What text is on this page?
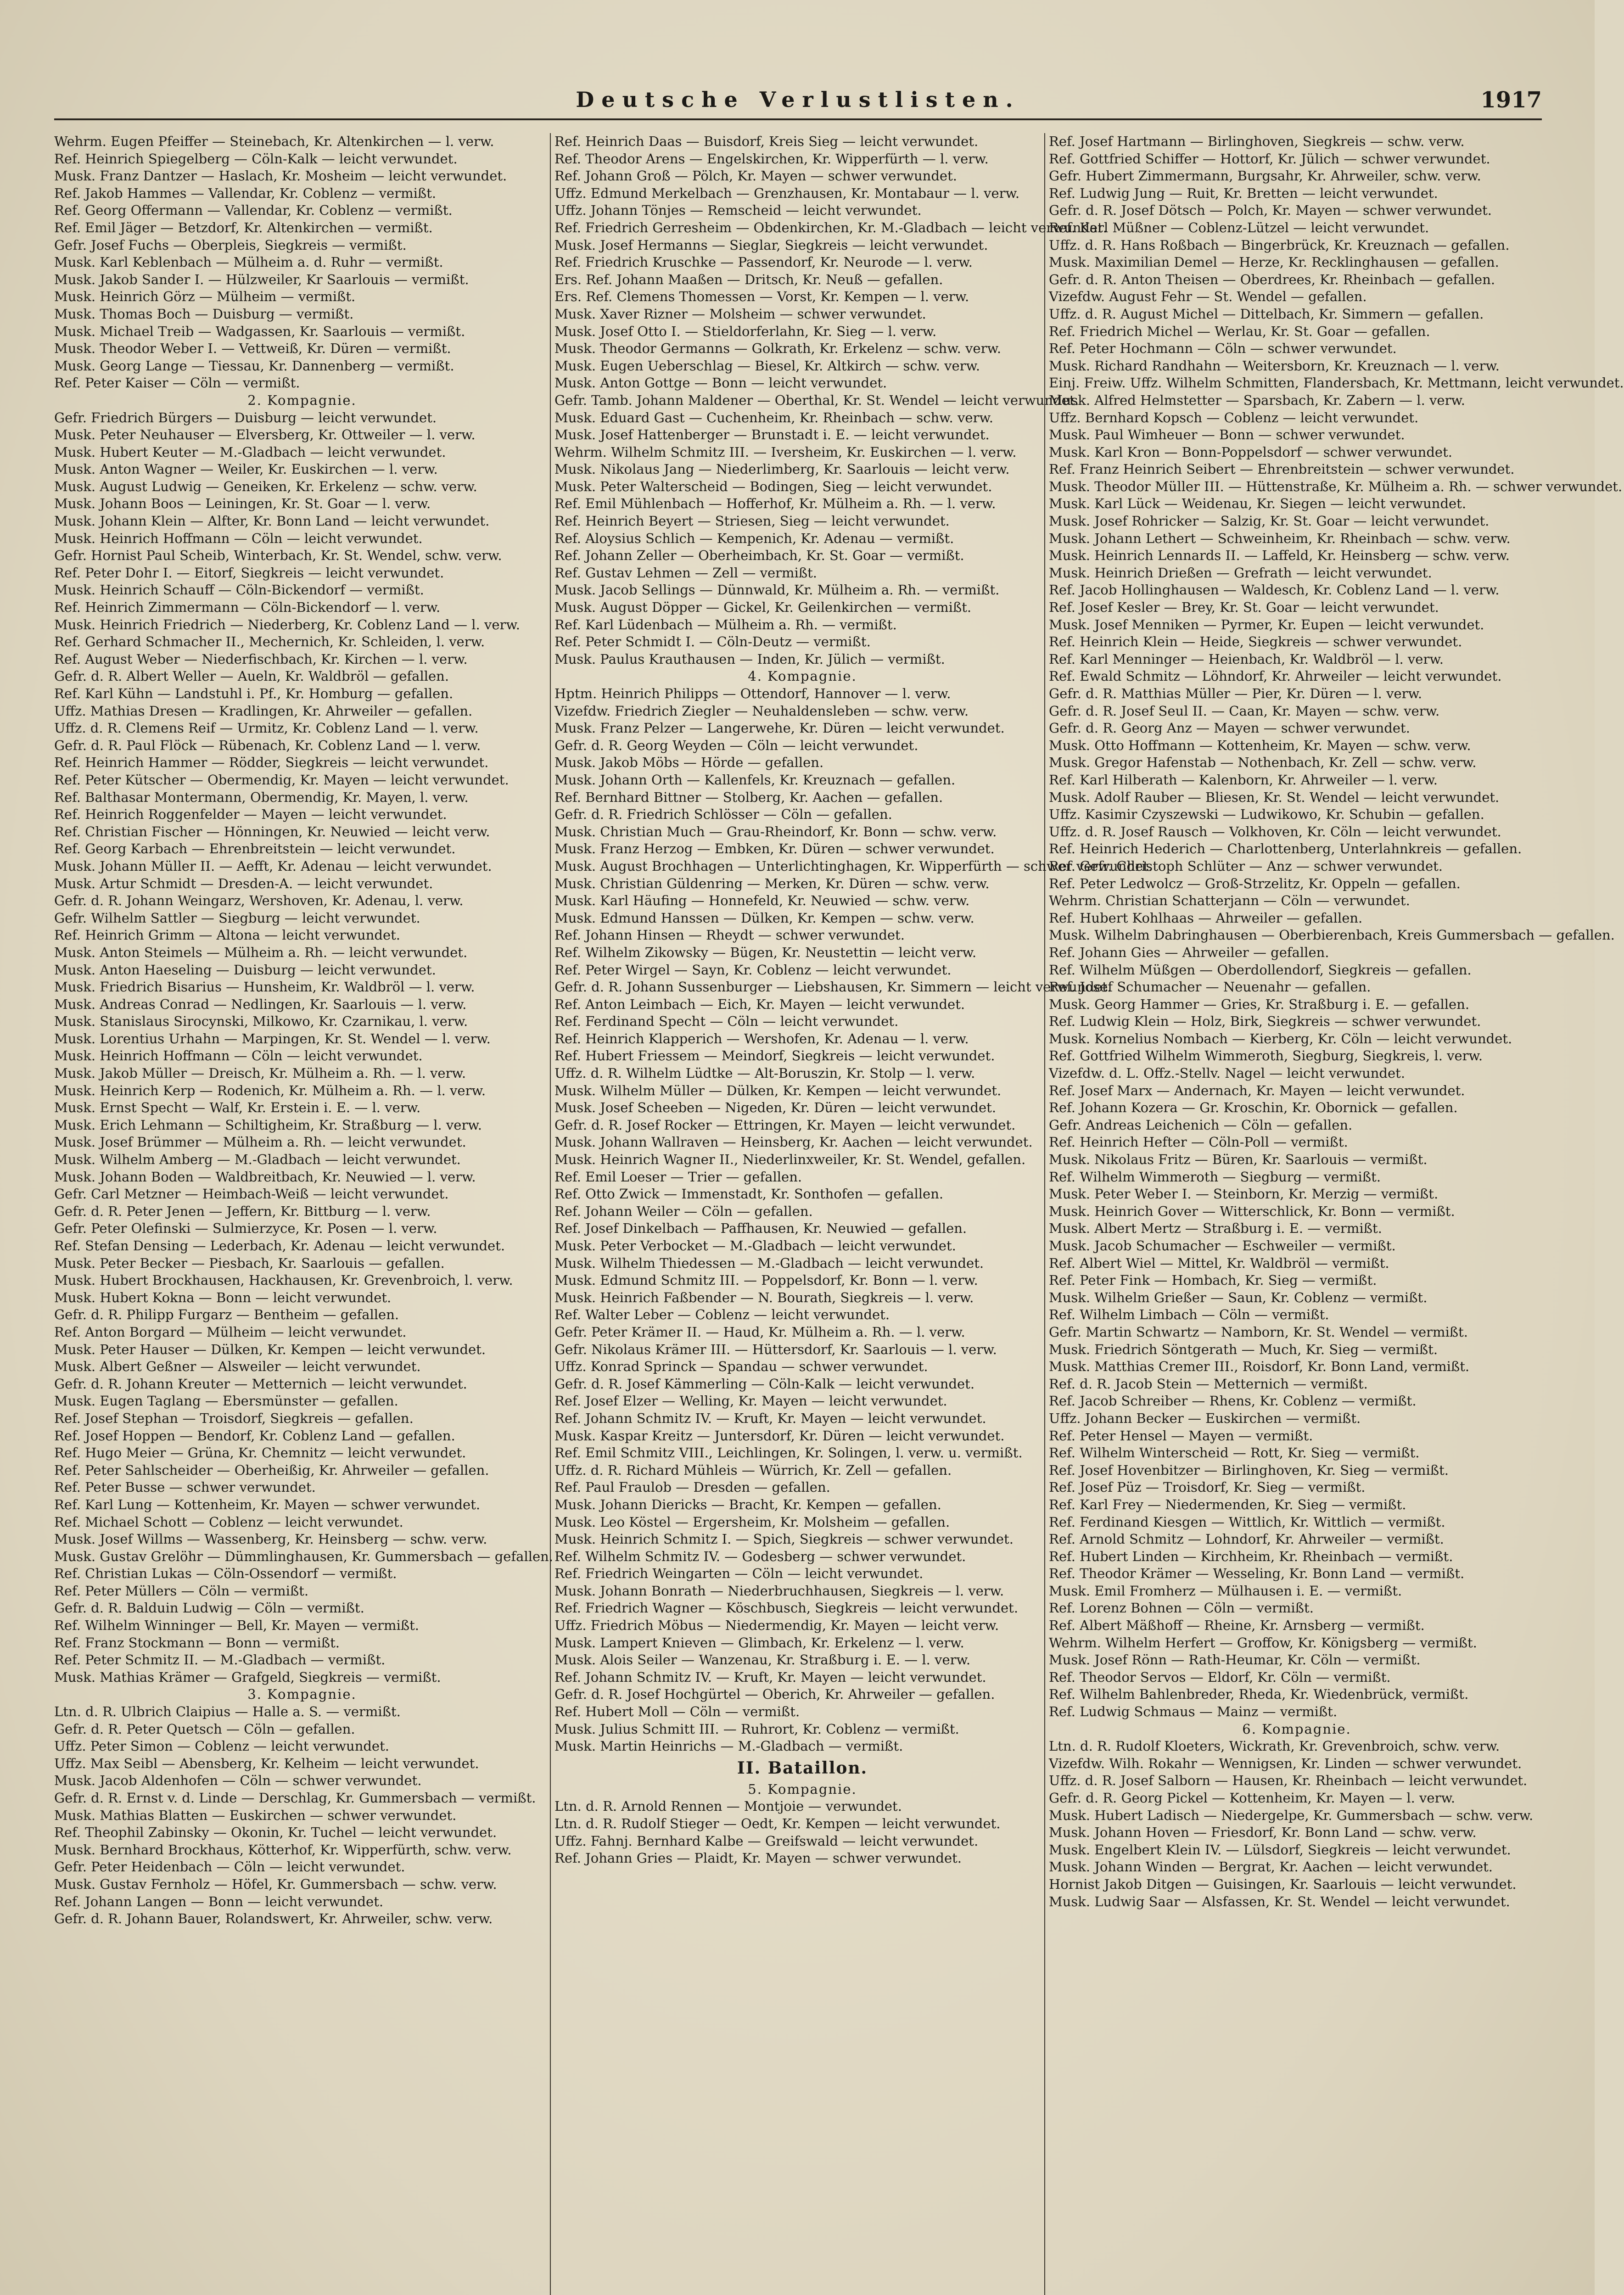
Deutsche Verlustlisten.	1917
Wehrm. Eugen Pfeiffer — Steinebach, Kr. Altenkirchen — l. verw.
Ref. Heinrich Spiegelberg — Cöln-Kalk — leicht verwundet.
Musk. Franz Dantzer — Haslach, Kr. Mosheim — leicht verwundet.
Ref. Jakob Hammes — Vallendar, Kr. Coblenz — vermißt.
Ref. Georg Offermann — Vallendar, Kr. Coblenz — vermißt.
Ref. Emil Jäger — Betzdorf, Kr. Altenkirchen — vermißt.
Gefr. Josef Fuchs — Oberpleis, Siegkreis — vermißt.
Musk. Karl Keblenbach — Mülheim a. d. Ruhr — vermißt.
Musk. Jakob Sander I. — Hülzweiler, Kr Saarlouis — vermißt.
Musk. Heinrich Görz — Mülheim — vermißt.
Musk. Thomas Boch — Duisburg — vermißt.
Musk. Michael Treib — Wadgassen, Kr. Saarlouis — vermißt.
Musk. Theodor Weber I. — Vettweiß, Kr. Düren — vermißt.
Musk. Georg Lange — Tiessau, Kr. Dannenberg — vermißt.
Ref. Peter Kaiser — Cöln — vermißt.
2. Kompagnie.
Gefr. Friedrich Bürgers — Duisburg — leicht verwundet.
Musk. Peter Neuhauser — Elversberg, Kr. Ottweiler — l. verw.
Musk. Hubert Keuter — M.-Gladbach — leicht verwundet.
Musk. Anton Wagner — Weiler, Kr. Euskirchen — l. verw.
Musk. August Ludwig — Geneiken, Kr. Erkelenz — schw. verw.
Musk. Johann Boos — Leiningen, Kr. St. Goar — l. verw.
Musk. Johann Klein — Alfter, Kr. Bonn Land — leicht verwundet.
Musk. Heinrich Hoffmann — Cöln — leicht verwundet.
Gefr. Hornist Paul Scheib, Winterbach, Kr. St. Wendel, schw. verw.
Ref. Peter Dohr I. — Eitorf, Siegkreis — leicht verwundet.
Musk. Heinrich Schauff — Cöln-Bickendorf — vermißt.
Ref. Heinrich Zimmermann — Cöln-Bickendorf — l. verw.
Musk. Heinrich Friedrich — Niederberg, Kr. Coblenz Land — l. verw.
Ref. Gerhard Schmacher II., Mechernich, Kr. Schleiden, l. verw.
Ref. August Weber — Niederfischbach, Kr. Kirchen — l. verw.
Gefr. d. R. Albert Weller — Aueln, Kr. Waldbröl — gefallen.
Ref. Karl Kühn — Landstuhl i. Pf., Kr. Homburg — gefallen.
Uffz. Mathias Dresen — Kradlingen, Kr. Ahrweiler — gefallen.
Uffz. d. R. Clemens Reif — Urmitz, Kr. Coblenz Land — l. verw.
Gefr. d. R. Paul Flöck — Rübenach, Kr. Coblenz Land — l. verw.
Ref. Heinrich Hammer — Rödder, Siegkreis — leicht verwundet.
Ref. Peter Kütscher — Obermendig, Kr. Mayen — leicht verwundet.
Ref. Balthasar Montermann, Obermendig, Kr. Mayen, l. verw.
Ref. Heinrich Roggenfelder — Mayen — leicht verwundet.
Ref. Christian Fischer — Hönningen, Kr. Neuwied — leicht verw.
Ref. Georg Karbach — Ehrenbreitstein — leicht verwundet.
Musk. Johann Müller II. — Aefft, Kr. Adenau — leicht verwundet.
Musk. Artur Schmidt — Dresden-A. — leicht verwundet.
Gefr. d. R. Johann Weingarz, Wershoven, Kr. Adenau, l. verw.
Gefr. Wilhelm Sattler — Siegburg — leicht verwundet.
Ref. Heinrich Grimm — Altona — leicht verwundet.
Musk. Anton Steimels — Mülheim a. Rh. — leicht verwundet.
Musk. Anton Haeseling — Duisburg — leicht verwundet.
Musk. Friedrich Bisarius — Hunsheim, Kr. Waldbröl — l. verw.
Musk. Andreas Conrad — Nedlingen, Kr. Saarlouis — l. verw.
Musk. Stanislaus Sirocynski, Milkowo, Kr. Czarnikau, l. verw.
Musk. Lorentius Urhahn — Marpingen, Kr. St. Wendel — l. verw.
Musk. Heinrich Hoffmann — Cöln — leicht verwundet.
Musk. Jakob Müller — Dreisch, Kr. Mülheim a. Rh. — l. verw.
Musk. Heinrich Kerp — Rodenich, Kr. Mülheim a. Rh. — l. verw.
Musk. Ernst Specht — Walf, Kr. Erstein i. E. — l. verw.
Musk. Erich Lehmann — Schiltigheim, Kr. Straßburg — l. verw.
Musk. Josef Brümmer — Mülheim a. Rh. — leicht verwundet.
Musk. Wilhelm Amberg — M.-Gladbach — leicht verwundet.
Musk. Johann Boden — Waldbreitbach, Kr. Neuwied — l. verw.
Gefr. Carl Metzner — Heimbach-Weiß — leicht verwundet.
Gefr. d. R. Peter Jenen — Jeffern, Kr. Bittburg — l. verw.
Gefr. Peter Olefinski — Sulmierzyce, Kr. Posen — l. verw.
Ref. Stefan Densing — Lederbach, Kr. Adenau — leicht verwundet.
Musk. Peter Becker — Piesbach, Kr. Saarlouis — gefallen.
Musk. Hubert Brockhausen, Hackhausen, Kr. Grevenbroich, l. verw.
Musk. Hubert Kokna — Bonn — leicht verwundet.
Gefr. d. R. Philipp Furgarz — Bentheim — gefallen.
Ref. Anton Borgard — Mülheim — leicht verwundet.
Musk. Peter Hauser — Dülken, Kr. Kempen — leicht verwundet.
Musk. Albert Geßner — Alsweiler — leicht verwundet.
Gefr. d. R. Johann Kreuter — Metternich — leicht verwundet.
Musk. Eugen Taglang — Ebersmünster — gefallen.
Ref. Josef Stephan — Troisdorf, Siegkreis — gefallen.
Ref. Josef Hoppen — Bendorf, Kr. Coblenz Land — gefallen.
Ref. Hugo Meier — Grüna, Kr. Chemnitz — leicht verwundet.
Ref. Peter Sahlscheider — Oberheißig, Kr. Ahrweiler — gefallen.
Ref. Peter Busse — schwer verwundet.
Ref. Karl Lung — Kottenheim, Kr. Mayen — schwer verwundet.
Ref. Michael Schott — Coblenz — leicht verwundet.
Musk. Josef Willms — Wassenberg, Kr. Heinsberg — schw. verw.
Musk. Gustav Grelöhr — Dümmlinghausen, Kr. Gummersbach — gefallen.
Ref. Christian Lukas — Cöln-Ossendorf — vermißt.
Ref. Peter Müllers — Cöln — vermißt.
Gefr. d. R. Balduin Ludwig — Cöln — vermißt.
Ref. Wilhelm Winninger — Bell, Kr. Mayen — vermißt.
Ref. Franz Stockmann — Bonn — vermißt.
Ref. Peter Schmitz II. — M.-Gladbach — vermißt.
Musk. Mathias Krämer — Grafgeld, Siegkreis — vermißt.
3. Kompagnie.
Ltn. d. R. Ulbrich Claipius — Halle a. S. — vermißt.
Gefr. d. R. Peter Quetsch — Cöln — gefallen.
Uffz. Peter Simon — Coblenz — leicht verwundet.
Uffz. Max Seibl — Abensberg, Kr. Kelheim — leicht verwundet.
Musk. Jacob Aldenhofen — Cöln — schwer verwundet.
Gefr. d. R. Ernst v. d. Linde — Derschlag, Kr. Gummersbach — vermißt.
Musk. Mathias Blatten — Euskirchen — schwer verwundet.
Ref. Theophil Zabinsky — Okonin, Kr. Tuchel — leicht verwundet.
Musk. Bernhard Brockhaus, Kötterhof, Kr. Wipperfürth, schw. verw.
Gefr. Peter Heidenbach — Cöln — leicht verwundet.
Musk. Gustav Fernholz — Höfel, Kr. Gummersbach — schw. verw.
Ref. Johann Langen — Bonn — leicht verwundet.
Gefr. d. R. Johann Bauer, Rolandswert, Kr. Ahrweiler, schw. verw.
Ref. Heinrich Daas — Buisdorf, Kreis Sieg — leicht verwundet.
Ref. Theodor Arens — Engelskirchen, Kr. Wipperfürth — l. verw.
Ref. Johann Groß — Pölch, Kr. Mayen — schwer verwundet.
Uffz. Edmund Merkelbach — Grenzhausen, Kr. Montabaur — l. verw.
Uffz. Johann Tönjes — Remscheid — leicht verwundet.
Ref. Friedrich Gerresheim — Obdenkirchen, Kr. M.-Gladbach — leicht verwundet.
Musk. Josef Hermanns — Sieglar, Siegkreis — leicht verwundet.
Ref. Friedrich Kruschke — Passendorf, Kr. Neurode — l. verw.
Ers. Ref. Johann Maaßen — Dritsch, Kr. Neuß — gefallen.
Ers. Ref. Clemens Thomessen — Vorst, Kr. Kempen — l. verw.
Musk. Xaver Rizner — Molsheim — schwer verwundet.
Musk. Josef Otto I. — Stieldorferlahn, Kr. Sieg — l. verw.
Musk. Theodor Germanns — Golkrath, Kr. Erkelenz — schw. verw.
Musk. Eugen Ueberschlag — Biesel, Kr. Altkirch — schw. verw.
Musk. Anton Gottge — Bonn — leicht verwundet.
Gefr. Tamb. Johann Maldener — Oberthal, Kr. St. Wendel — leicht verwundet.
Musk. Eduard Gast — Cuchenheim, Kr. Rheinbach — schw. verw.
Musk. Josef Hattenberger — Brunstadt i. E. — leicht verwundet.
Wehrm. Wilhelm Schmitz III. — Iversheim, Kr. Euskirchen — l. verw.
Musk. Nikolaus Jang — Niederlimberg, Kr. Saarlouis — leicht verw.
Musk. Peter Walterscheid — Bodingen, Sieg — leicht verwundet.
Ref. Emil Mühlenbach — Hofferhof, Kr. Mülheim a. Rh. — l. verw.
Ref. Heinrich Beyert — Striesen, Sieg — leicht verwundet.
Ref. Aloysius Schlich — Kempenich, Kr. Adenau — vermißt.
Ref. Johann Zeller — Oberheimbach, Kr. St. Goar — vermißt.
Ref. Gustav Lehmen — Zell — vermißt.
Musk. Jacob Sellings — Dünnwald, Kr. Mülheim a. Rh. — vermißt.
Musk. August Döpper — Gickel, Kr. Geilenkirchen — vermißt.
Ref. Karl Lüdenbach — Mülheim a. Rh. — vermißt.
Ref. Peter Schmidt I. — Cöln-Deutz — vermißt.
Musk. Paulus Krauthausen — Inden, Kr. Jülich — vermißt.
4. Kompagnie.
Hptm. Heinrich Philipps — Ottendorf, Hannover — l. verw.
Vizefdw. Friedrich Ziegler — Neuhaldensleben — schw. verw.
Musk. Franz Pelzer — Langerwehe, Kr. Düren — leicht verwundet.
Gefr. d. R. Georg Weyden — Cöln — leicht verwundet.
Musk. Jakob Möbs — Hörde — gefallen.
Musk. Johann Orth — Kallenfels, Kr. Kreuznach — gefallen.
Ref. Bernhard Bittner — Stolberg, Kr. Aachen — gefallen.
Gefr. d. R. Friedrich Schlösser — Cöln — gefallen.
Musk. Christian Much — Grau-Rheindorf, Kr. Bonn — schw. verw.
Musk. Franz Herzog — Embken, Kr. Düren — schwer verwundet.
Musk. August Brochhagen — Unterlichtinghagen, Kr. Wipperfürth — schwer verwundet.
Musk. Christian Güldenring — Merken, Kr. Düren — schw. verw.
Musk. Karl Häufing — Honnefeld, Kr. Neuwied — schw. verw.
Musk. Edmund Hanssen — Dülken, Kr. Kempen — schw. verw.
Ref. Johann Hinsen — Rheydt — schwer verwundet.
Ref. Wilhelm Zikowsky — Bügen, Kr. Neustettin — leicht verw.
Ref. Peter Wirgel — Sayn, Kr. Coblenz — leicht verwundet.
Gefr. d. R. Johann Sussenburger — Liebshausen, Kr. Simmern — leicht verwundet.
Ref. Anton Leimbach — Eich, Kr. Mayen — leicht verwundet.
Ref. Ferdinand Specht — Cöln — leicht verwundet.
Ref. Heinrich Klapperich — Wershofen, Kr. Adenau — l. verw.
Ref. Hubert Friessem — Meindorf, Siegkreis — leicht verwundet.
Uffz. d. R. Wilhelm Lüdtke — Alt-Boruszin, Kr. Stolp — l. verw.
Musk. Wilhelm Müller — Dülken, Kr. Kempen — leicht verwundet.
Musk. Josef Scheeben — Nigeden, Kr. Düren — leicht verwundet.
Gefr. d. R. Josef Rocker — Ettringen, Kr. Mayen — leicht verwundet.
Musk. Johann Wallraven — Heinsberg, Kr. Aachen — leicht verwundet.
Musk. Heinrich Wagner II., Niederlinxweiler, Kr. St. Wendel, gefallen.
Ref. Emil Loeser — Trier — gefallen.
Ref. Otto Zwick — Immenstadt, Kr. Sonthofen — gefallen.
Ref. Johann Weiler — Cöln — gefallen.
Ref. Josef Dinkelbach — Paffhausen, Kr. Neuwied — gefallen.
Musk. Peter Verbocket — M.-Gladbach — leicht verwundet.
Musk. Wilhelm Thiedessen — M.-Gladbach — leicht verwundet.
Musk. Edmund Schmitz III. — Poppelsdorf, Kr. Bonn — l. verw.
Musk. Heinrich Faßbender — N. Bourath, Siegkreis — l. verw.
Ref. Walter Leber — Coblenz — leicht verwundet.
Gefr. Peter Krämer II. — Haud, Kr. Mülheim a. Rh. — l. verw.
Gefr. Nikolaus Krämer III. — Hüttersdorf, Kr. Saarlouis — l. verw.
Uffz. Konrad Sprinck — Spandau — schwer verwundet.
Gefr. d. R. Josef Kämmerling — Cöln-Kalk — leicht verwundet.
Ref. Josef Elzer — Welling, Kr. Mayen — leicht verwundet.
Ref. Johann Schmitz IV. — Kruft, Kr. Mayen — leicht verwundet.
Musk. Kaspar Kreitz — Juntersdorf, Kr. Düren — leicht verwundet.
Ref. Emil Schmitz VIII., Leichlingen, Kr. Solingen, l. verw. u. vermißt.
Uffz. d. R. Richard Mühleis — Würrich, Kr. Zell — gefallen.
Ref. Paul Fraulob — Dresden — gefallen.
Musk. Johann Diericks — Bracht, Kr. Kempen — gefallen.
Musk. Leo Köstel — Ergersheim, Kr. Molsheim — gefallen.
Musk. Heinrich Schmitz I. — Spich, Siegkreis — schwer verwundet.
Ref. Wilhelm Schmitz IV. — Godesberg — schwer verwundet.
Ref. Friedrich Weingarten — Cöln — leicht verwundet.
Musk. Johann Bonrath — Niederbruchhausen, Siegkreis — l. verw.
Ref. Friedrich Wagner — Köschbusch, Siegkreis — leicht verwundet.
Uffz. Friedrich Möbus — Niedermendig, Kr. Mayen — leicht verw.
Musk. Lampert Knieven — Glimbach, Kr. Erkelenz — l. verw.
Musk. Alois Seiler — Wanzenau, Kr. Straßburg i. E. — l. verw.
Ref. Johann Schmitz IV. — Kruft, Kr. Mayen — leicht verwundet.
Gefr. d. R. Josef Hochgürtel — Oberich, Kr. Ahrweiler — gefallen.
Ref. Hubert Moll — Cöln — vermißt.
Musk. Julius Schmitt III. — Ruhrort, Kr. Coblenz — vermißt.
Musk. Martin Heinrichs — M.-Gladbach — vermißt.
II. Bataillon.
5. Kompagnie.
Ltn. d. R. Arnold Rennen — Montjoie — verwundet.
Ltn. d. R. Rudolf Stieger — Oedt, Kr. Kempen — leicht verwundet.
Uffz. Fahnj. Bernhard Kalbe — Greifswald — leicht verwundet.
Ref. Johann Gries — Plaidt, Kr. Mayen — schwer verwundet.
Ref. Josef Hartmann — Birlinghoven, Siegkreis — schw. verw.
Ref. Gottfried Schiffer — Hottorf, Kr. Jülich — schwer verwundet.
Gefr. Hubert Zimmermann, Burgsahr, Kr. Ahrweiler, schw. verw.
Ref. Ludwig Jung — Ruit, Kr. Bretten — leicht verwundet.
Gefr. d. R. Josef Dötsch — Polch, Kr. Mayen — schwer verwundet.
Ref. Karl Müßner — Coblenz-Lützel — leicht verwundet.
Uffz. d. R. Hans Roßbach — Bingerbrück, Kr. Kreuznach — gefallen.
Musk. Maximilian Demel — Herze, Kr. Recklinghausen — gefallen.
Gefr. d. R. Anton Theisen — Oberdrees, Kr. Rheinbach — gefallen.
Vizefdw. August Fehr — St. Wendel — gefallen.
Uffz. d. R. August Michel — Dittelbach, Kr. Simmern — gefallen.
Ref. Friedrich Michel — Werlau, Kr. St. Goar — gefallen.
Ref. Peter Hochmann — Cöln — schwer verwundet.
Musk. Richard Randhahn — Weitersborn, Kr. Kreuznach — l. verw.
Einj. Freiw. Uffz. Wilhelm Schmitten, Flandersbach, Kr. Mettmann, leicht verwundet.
Musk. Alfred Helmstetter — Sparsbach, Kr. Zabern — l. verw.
Uffz. Bernhard Kopsch — Coblenz — leicht verwundet.
Musk. Paul Wimheuer — Bonn — schwer verwundet.
Musk. Karl Kron — Bonn-Poppelsdorf — schwer verwundet.
Ref. Franz Heinrich Seibert — Ehrenbreitstein — schwer verwundet.
Musk. Theodor Müller III. — Hüttenstraße, Kr. Mülheim a. Rh. — schwer verwundet.
Musk. Karl Lück — Weidenau, Kr. Siegen — leicht verwundet.
Musk. Josef Rohricker — Salzig, Kr. St. Goar — leicht verwundet.
Musk. Johann Lethert — Schweinheim, Kr. Rheinbach — schw. verw.
Musk. Heinrich Lennards II. — Laffeld, Kr. Heinsberg — schw. verw.
Musk. Heinrich Drießen — Grefrath — leicht verwundet.
Ref. Jacob Hollinghausen — Waldesch, Kr. Coblenz Land — l. verw.
Ref. Josef Kesler — Brey, Kr. St. Goar — leicht verwundet.
Musk. Josef Menniken — Pyrmer, Kr. Eupen — leicht verwundet.
Ref. Heinrich Klein — Heide, Siegkreis — schwer verwundet.
Ref. Karl Menninger — Heienbach, Kr. Waldbröl — l. verw.
Ref. Ewald Schmitz — Löhndorf, Kr. Ahrweiler — leicht verwundet.
Gefr. d. R. Matthias Müller — Pier, Kr. Düren — l. verw.
Gefr. d. R. Josef Seul II. — Caan, Kr. Mayen — schw. verw.
Gefr. d. R. Georg Anz — Mayen — schwer verwundet.
Musk. Otto Hoffmann — Kottenheim, Kr. Mayen — schw. verw.
Musk. Gregor Hafenstab — Nothenbach, Kr. Zell — schw. verw.
Ref. Karl Hilberath — Kalenborn, Kr. Ahrweiler — l. verw.
Musk. Adolf Rauber — Bliesen, Kr. St. Wendel — leicht verwundet.
Uffz. Kasimir Czyszewski — Ludwikowo, Kr. Schubin — gefallen.
Uffz. d. R. Josef Rausch — Volkhoven, Kr. Cöln — leicht verwundet.
Ref. Heinrich Hederich — Charlottenberg, Unterlahnkreis — gefallen.
Ref. Gefr. Christoph Schlüter — Anz — schwer verwundet.
Ref. Peter Ledwolcz — Groß-Strzelitz, Kr. Oppeln — gefallen.
Wehrm. Christian Schatterjann — Cöln — verwundet.
Ref. Hubert Kohlhaas — Ahrweiler — gefallen.
Musk. Wilhelm Dabringhausen — Oberbierenbach, Kreis Gummersbach — gefallen.
Ref. Johann Gies — Ahrweiler — gefallen.
Ref. Wilhelm Müßgen — Oberdollendorf, Siegkreis — gefallen.
Ref. Josef Schumacher — Neuenahr — gefallen.
Musk. Georg Hammer — Gries, Kr. Straßburg i. E. — gefallen.
Ref. Ludwig Klein — Holz, Birk, Siegkreis — schwer verwundet.
Musk. Kornelius Nombach — Kierberg, Kr. Cöln — leicht verwundet.
Ref. Gottfried Wilhelm Wimmeroth, Siegburg, Siegkreis, l. verw.
Vizefdw. d. L. Offz.-Stellv. Nagel — leicht verwundet.
Ref. Josef Marx — Andernach, Kr. Mayen — leicht verwundet.
Ref. Johann Kozera — Gr. Kroschin, Kr. Obornick — gefallen.
Gefr. Andreas Leichenich — Cöln — gefallen.
Ref. Heinrich Hefter — Cöln-Poll — vermißt.
Musk. Nikolaus Fritz — Büren, Kr. Saarlouis — vermißt.
Ref. Wilhelm Wimmeroth — Siegburg — vermißt.
Musk. Peter Weber I. — Steinborn, Kr. Merzig — vermißt.
Musk. Heinrich Gover — Witterschlick, Kr. Bonn — vermißt.
Musk. Albert Mertz — Straßburg i. E. — vermißt.
Musk. Jacob Schumacher — Eschweiler — vermißt.
Ref. Albert Wiel — Mittel, Kr. Waldbröl — vermißt.
Ref. Peter Fink — Hombach, Kr. Sieg — vermißt.
Musk. Wilhelm Grießer — Saun, Kr. Coblenz — vermißt.
Ref. Wilhelm Limbach — Cöln — vermißt.
Gefr. Martin Schwartz — Namborn, Kr. St. Wendel — vermißt.
Musk. Friedrich Söntgerath — Much, Kr. Sieg — vermißt.
Musk. Matthias Cremer III., Roisdorf, Kr. Bonn Land, vermißt.
Ref. d. R. Jacob Stein — Metternich — vermißt.
Ref. Jacob Schreiber — Rhens, Kr. Coblenz — vermißt.
Uffz. Johann Becker — Euskirchen — vermißt.
Ref. Peter Hensel — Mayen — vermißt.
Ref. Wilhelm Winterscheid — Rott, Kr. Sieg — vermißt.
Ref. Josef Hovenbitzer — Birlinghoven, Kr. Sieg — vermißt.
Ref. Josef Püz — Troisdorf, Kr. Sieg — vermißt.
Ref. Karl Frey — Niedermenden, Kr. Sieg — vermißt.
Ref. Ferdinand Kiesgen — Wittlich, Kr. Wittlich — vermißt.
Ref. Arnold Schmitz — Lohndorf, Kr. Ahrweiler — vermißt.
Ref. Hubert Linden — Kirchheim, Kr. Rheinbach — vermißt.
Ref. Theodor Krämer — Wesseling, Kr. Bonn Land — vermißt.
Musk. Emil Fromherz — Mülhausen i. E. — vermißt.
Ref. Lorenz Bohnen — Cöln — vermißt.
Ref. Albert Mäßhoff — Rheine, Kr. Arnsberg — vermißt.
Wehrm. Wilhelm Herfert — Groffow, Kr. Königsberg — vermißt.
Musk. Josef Rönn — Rath-Heumar, Kr. Cöln — vermißt.
Ref. Theodor Servos — Eldorf, Kr. Cöln — vermißt.
Ref. Wilhelm Bahlenbreder, Rheda, Kr. Wiedenbrück, vermißt.
Ref. Ludwig Schmaus — Mainz — vermißt.
6. Kompagnie.
Ltn. d. R. Rudolf Kloeters, Wickrath, Kr. Grevenbroich, schw. verw.
Vizefdw. Wilh. Rokahr — Wennigsen, Kr. Linden — schwer verwundet.
Uffz. d. R. Josef Salborn — Hausen, Kr. Rheinbach — leicht verwundet.
Gefr. d. R. Georg Pickel — Kottenheim, Kr. Mayen — l. verw.
Musk. Hubert Ladisch — Niedergelpe, Kr. Gummersbach — schw. verw.
Musk. Johann Hoven — Friesdorf, Kr. Bonn Land — schw. verw.
Musk. Engelbert Klein IV. — Lülsdorf, Siegkreis — leicht verwundet.
Musk. Johann Winden — Bergrat, Kr. Aachen — leicht verwundet.
Hornist Jakob Ditgen — Guisingen, Kr. Saarlouis — leicht verwundet.
Musk. Ludwig Saar — Alsfassen, Kr. St. Wendel — leicht verwundet.
